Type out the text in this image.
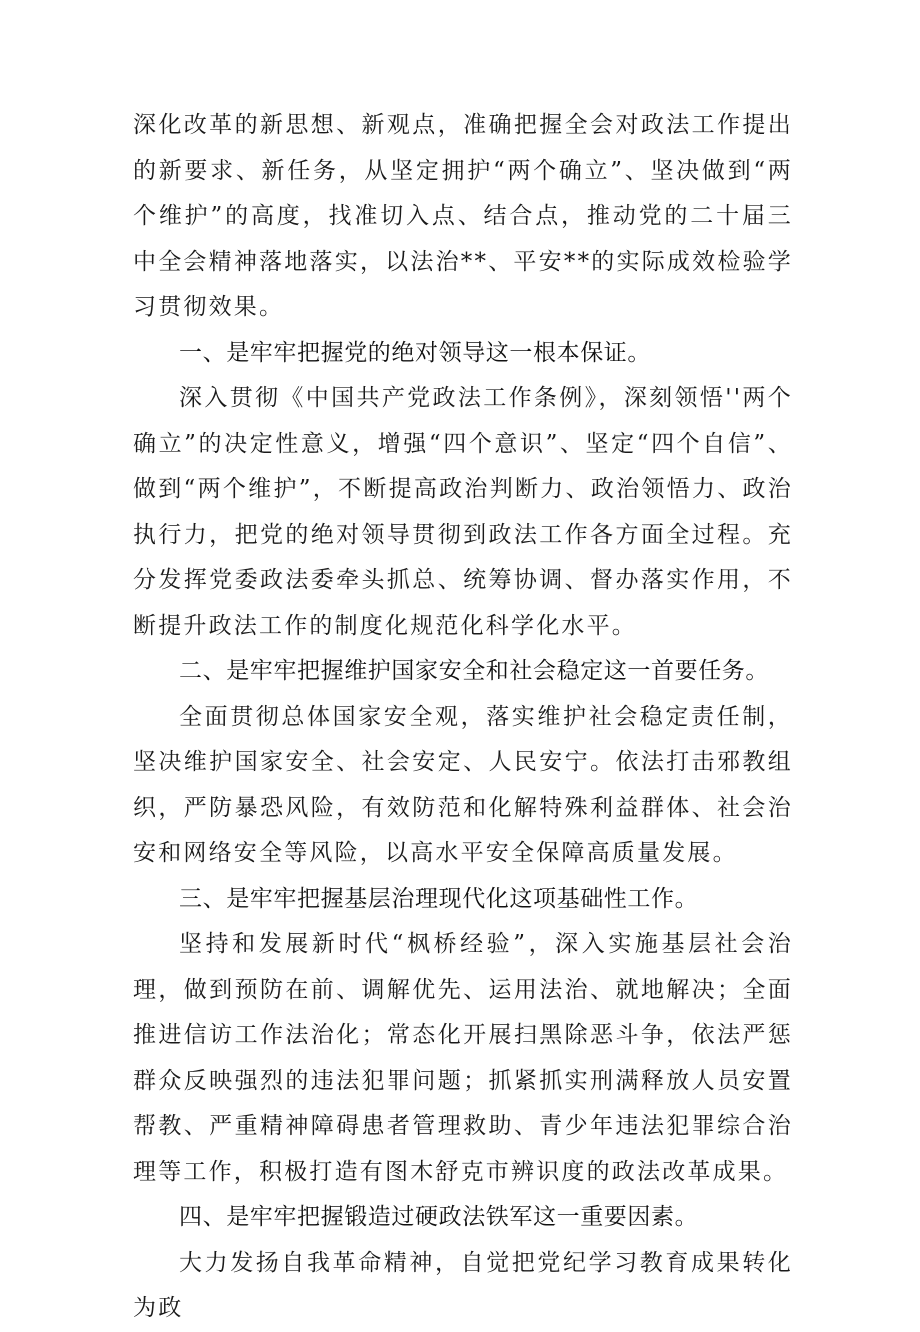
深化改革的新思想、新观点，准确把握全会对政法工作提出的新要求、新任务，从坚定拥护“两个确立”、坚决做到“两个维护”的高度，找准切入点、结合点，推动党的二十届三中全会精神落地落实，以法治**、平安**的实际成效检验学习贯彻效果。

一、是牢牢把握党的绝对领导这一根本保证。

深入贯彻《中国共产党政法工作条例》，深刻领悟''两个确立”的决定性意义，增强“四个意识”、坚定“四个自信”、做到“两个维护”，不断提高政治判断力、政治领悟力、政治执行力，把党的绝对领导贯彻到政法工作各方面全过程。充分发挥党委政法委牵头抓总、统筹协调、督办落实作用，不断提升政法工作的制度化规范化科学化水平。

二、是牢牢把握维护国家安全和社会稳定这一首要任务。

全面贯彻总体国家安全观，落实维护社会稳定责任制，坚决维护国家安全、社会安定、人民安宁。依法打击邪教组织，严防暴恐风险，有效防范和化解特殊利益群体、社会治安和网络安全等风险，以高水平安全保障高质量发展。

三、是牢牢把握基层治理现代化这项基础性工作。

坚持和发展新时代“枫桥经验”，深入实施基层社会治理，做到预防在前、调解优先、运用法治、就地解决；全面推进信访工作法治化；常态化开展扫黑除恶斗争，依法严惩群众反映强烈的违法犯罪问题；抓紧抓实刑满释放人员安置帮教、严重精神障碍患者管理救助、青少年违法犯罪综合治理等工作，积极打造有图木舒克市辨识度的政法改革成果。

四、是牢牢把握锻造过硬政法铁军这一重要因素。

大力发扬自我革命精神，自觉把党纪学习教育成果转化为政
